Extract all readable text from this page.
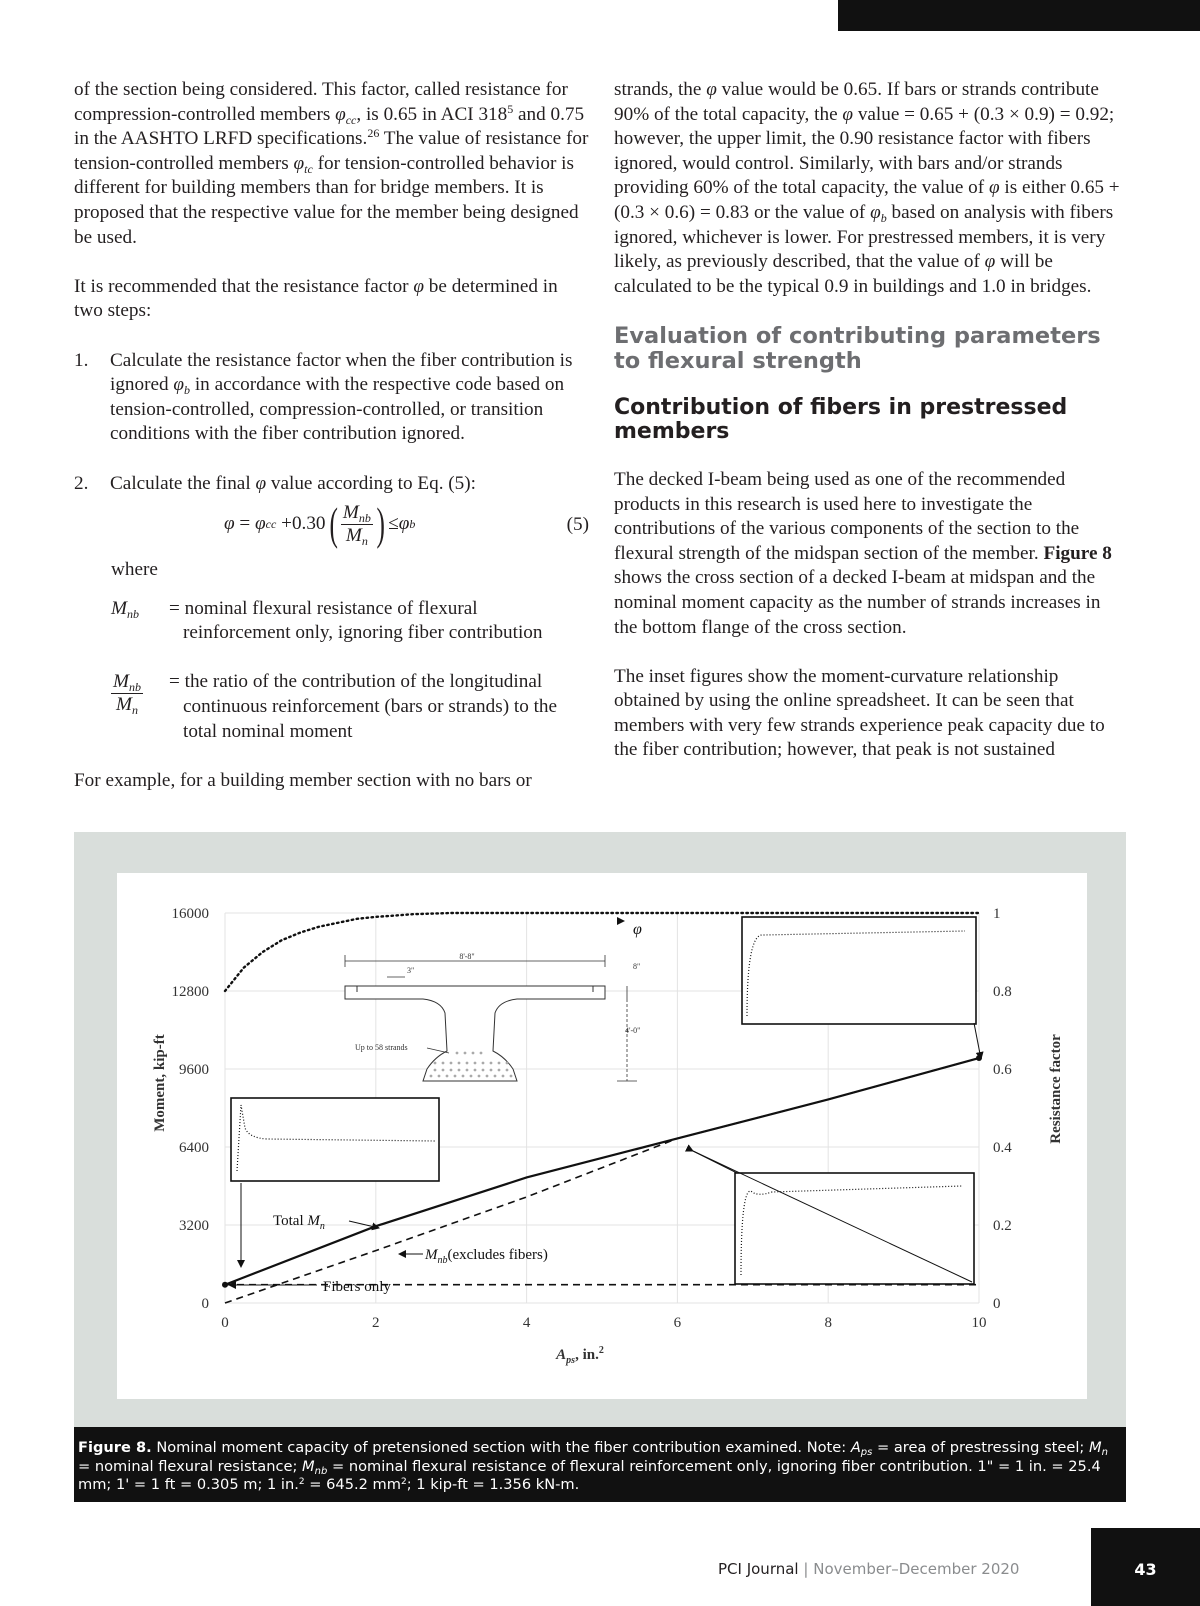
of the section being considered. This factor, called resistance for compression-controlled members $\varphi_{cc}$, is 0.65 in ACI $318^5$ and 0.75 in the AASHTO LRFD specifications.$^{26}$ The value of resistance for tension-controlled members $\varphi_{tc}$ for tension-controlled behavior is different for building members than for bridge members. It is proposed that the respective value for the member being designed be used.

It is recommended that the resistance factor φ be determined in two steps:

1.	Calculate the resistance factor when the fiber contribution is ignored $\varphi_b$ in accordance with the respective code based on tension-controlled, compression-controlled, or transition conditions with the fiber contribution ignored.
2.	Calculate the final φ value according to Eq. (5):
φ
=
φ cc
+0.30 ( $\frac{M_{nb}}{M_n}$ ) ≤ φ b	(5)

where

$M_{nb}$	= nominal flexural resistance of flexural reinforcement only, ignoring fiber contribution
$\frac{M_{nb}}{M_n}$ = the ratio of the contribution of the longitudinal continuous reinforcement (bars or strands) to the total nominal moment

For example, for a building member section with no bars or

strands, the φ value would be 0.65. If bars or strands contribute 90% of the total capacity, the φ value = 0.65 + (0.3 × 0.9) = 0.92; however, the upper limit, the 0.90 resistance factor with fibers ignored, would control. Similarly, with bars and/or strands providing 60% of the total capacity, the value of φ is either 0.65 + (0.3 × 0.6) = 0.83 or the value of $\varphi_b$ based on analysis with fibers ignored, whichever is lower. For prestressed members, it is very likely, as previously described, that the value of φ will be calculated to be the typical 0.9 in buildings and 1.0 in bridges.

Evaluation of contributing parameters to flexural strength
Contribution of fibers in prestressed members

The decked I-beam being used as one of the recommended products in this research is used here to investigate the contributions of the various components of the section to the flexural strength of the midspan section of the member. Figure 8 shows the cross section of a decked I-beam at midspan and the nominal moment capacity as the number of strands increases in the bottom flange of the cross section.

The inset figures show the moment-curvature relationship obtained by using the online spreadsheet. It can be seen that members with very few strands experience peak capacity due to the fiber contribution; however, that peak is not sustained

0
3200
6400
9600
12800
16000
0
0.2
0.4
0.6
0.8
1
0	2	4	6	8	10
Moment, kip-ft	Resistance factor
$A_{ps}$, in.$^2$
8'-8"
3"	8"
4'-0"
Up to 58 strands
Total $M_n$
$M_{nb}(excludes$ fibers)
Fibers only
φ
Figure 8. Nominal moment capacity of pretensioned section with the fiber contribution examined. Note: $A_{ps}$ = area of prestressing steel; $M_n$ = nominal flexural resistance; $M_{nb}$ = nominal flexural resistance of flexural reinforcement only, ignoring fiber contribution. 1" = 1 in. = 25.4 mm; 1' = 1 ft = 0.305 m; 1 in.$^2$ = 645.2 $mm^2$; 1 kip-ft = 1.356 kN-m.
PCI Journal | November–December 2020	43
